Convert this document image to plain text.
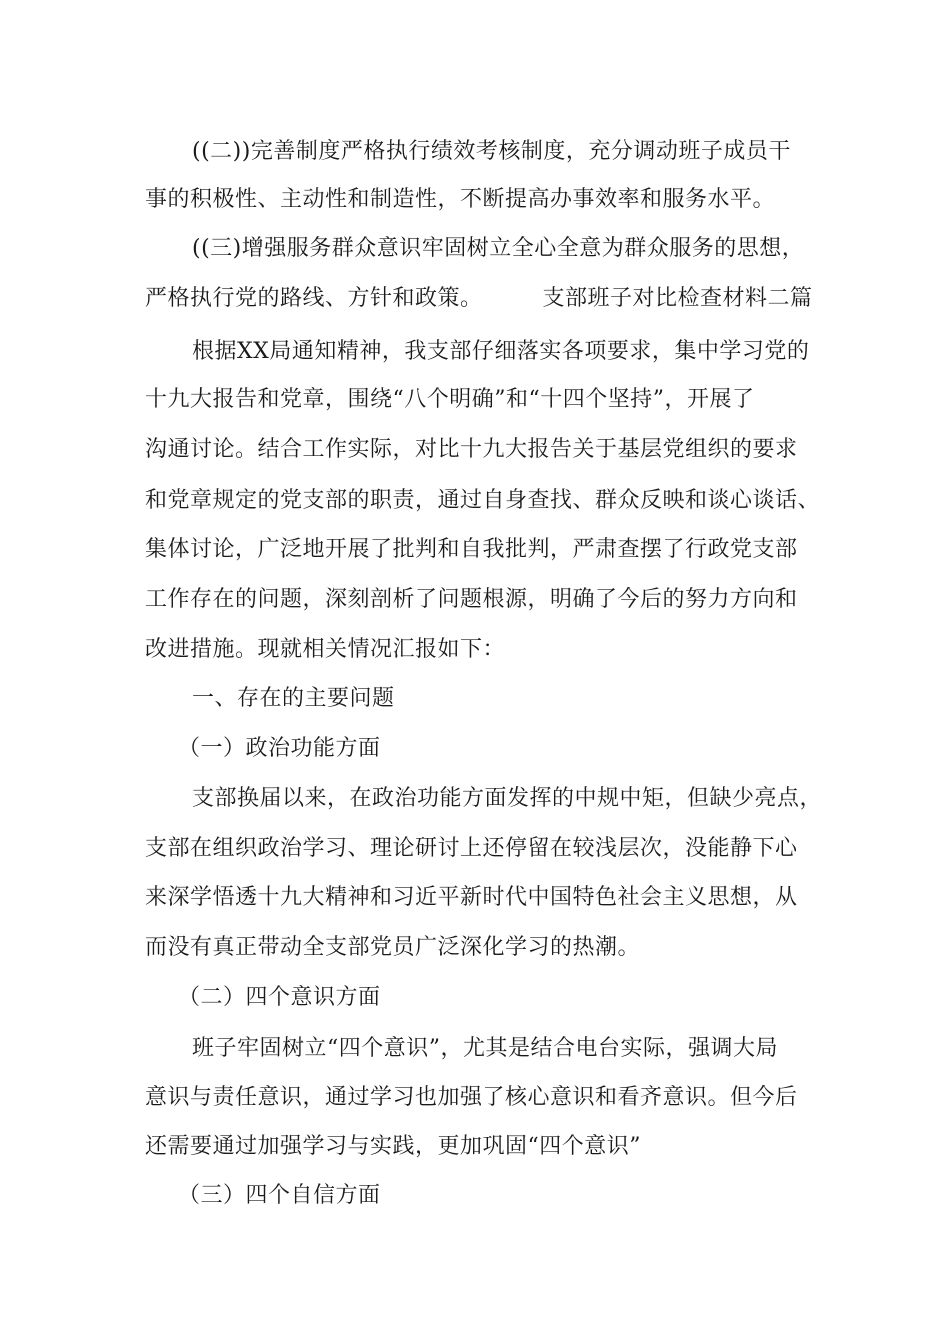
((二))完善制度严格执行绩效考核制度，充分调动班子成员干
事的积极性、主动性和制造性，不断提高办事效率和服务水平。
((三)增强服务群众意识牢固树立全心全意为群众服务的思想，
严格执行党的路线、方针和政策。        支部班子对比检查材料二篇
根据XX局通知精神，我支部仔细落实各项要求，集中学习党的
十九大报告和党章，围绕“八个明确”和“十四个坚持”，开展了
沟通讨论。结合工作实际，对比十九大报告关于基层党组织的要求
和党章规定的党支部的职责，通过自身查找、群众反映和谈心谈话、
集体讨论，广泛地开展了批判和自我批判，严肃查摆了行政党支部
工作存在的问题，深刻剖析了问题根源，明确了今后的努力方向和
改进措施。现就相关情况汇报如下：
一、存在的主要问题
（一）政治功能方面
支部换届以来，在政治功能方面发挥的中规中矩，但缺少亮点，
支部在组织政治学习、理论研讨上还停留在较浅层次，没能静下心
来深学悟透十九大精神和习近平新时代中国特色社会主义思想，从
而没有真正带动全支部党员广泛深化学习的热潮。
（二）四个意识方面
班子牢固树立“四个意识”，尤其是结合电台实际，强调大局
意识与责任意识，通过学习也加强了核心意识和看齐意识。但今后
还需要通过加强学习与实践，更加巩固“四个意识”
（三）四个自信方面
